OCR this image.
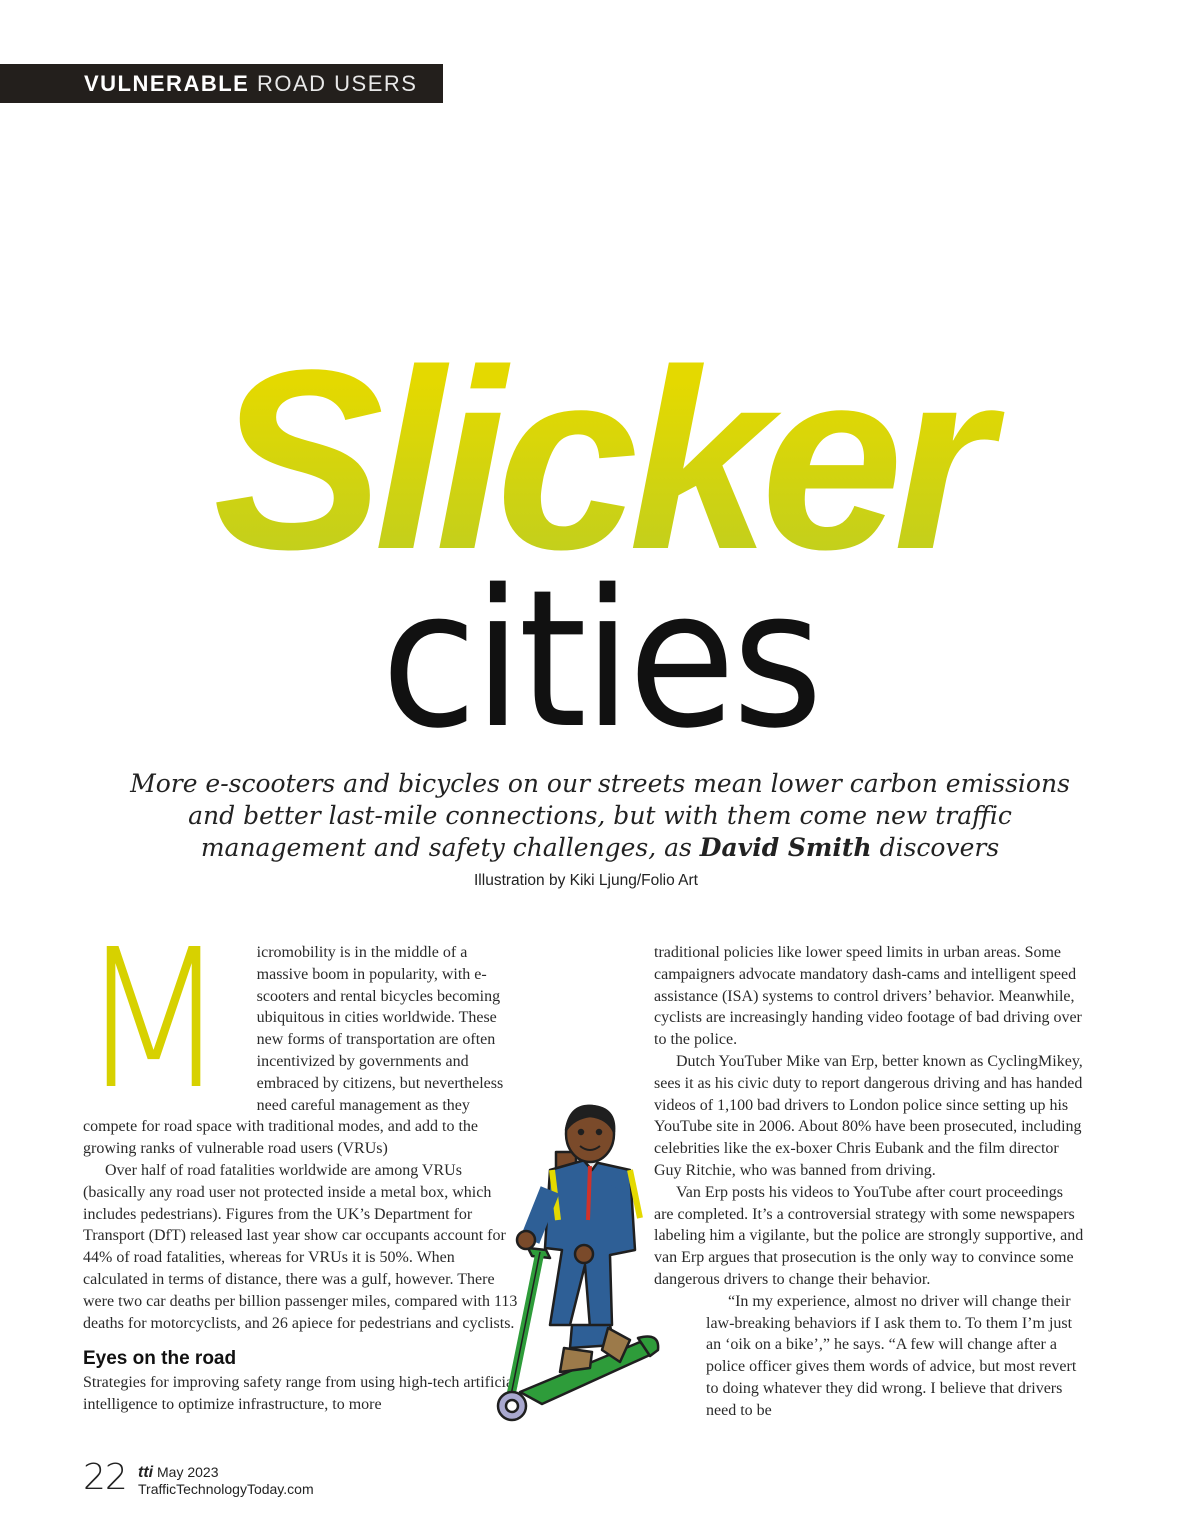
VULNERABLE ROAD USERS
Slicker
cities
More e-scooters and bicycles on our streets mean lower carbon emissions and better last-mile connections, but with them come new traffic management and safety challenges, as David Smith discovers
Illustration by Kiki Ljung/Folio Art
M	icromobility is in the middle of a massive boom in popularity, with e-scooters and rental bicycles becoming ubiquitous in cities worldwide. These new forms of transportation are often incentivized by governments and embraced by citizens, but nevertheless need careful management as they compete for road space with traditional modes, and add to the growing ranks of vulnerable road users (VRUs)

Over half of road fatalities worldwide are among VRUs (basically any road user not protected inside a metal box, which includes pedestrians). Figures from the UK’s Department for Transport (DfT) released last year show car occupants account for 44% of road fatalities, whereas for VRUs it is 50%. When calculated in terms of distance, there was a gulf, however. There were two car deaths per billion passenger miles, compared with 113 deaths for motorcyclists, and 26 apiece for pedestrians and cyclists.

Eyes on the road

Strategies for improving safety range from using high-tech artificial intelligence to optimize infrastructure, to more

traditional policies like lower speed limits in urban areas. Some campaigners advocate mandatory dash-cams and intelligent speed assistance (ISA) systems to control drivers’ behavior. Meanwhile, cyclists are increasingly handing video footage of bad driving over to the police.

Dutch YouTuber Mike van Erp, better known as CyclingMikey, sees it as his civic duty to report dangerous driving and has handed videos of 1,100 bad drivers to London police since setting up his YouTube site in 2006. About 80% have been prosecuted, including celebrities like the ex-boxer Chris Eubank and the film director Guy Ritchie, who was banned from driving.

Van Erp posts his videos to YouTube after court proceedings are completed. It’s a controversial strategy with some newspapers labeling him a vigilante, but the police are strongly supportive, and van Erp argues that prosecution is the only way to convince some dangerous drivers to change their behavior.

“In my experience, almost no driver will change their law-breaking behaviors if I ask them to. To them I’m just an ‘oik on a bike’,” he says. “A few will change after a police officer gives them words of advice, but most revert to doing whatever they did wrong. I believe that drivers need to be

22 tti May 2023
TrafficTechnologyToday.com
